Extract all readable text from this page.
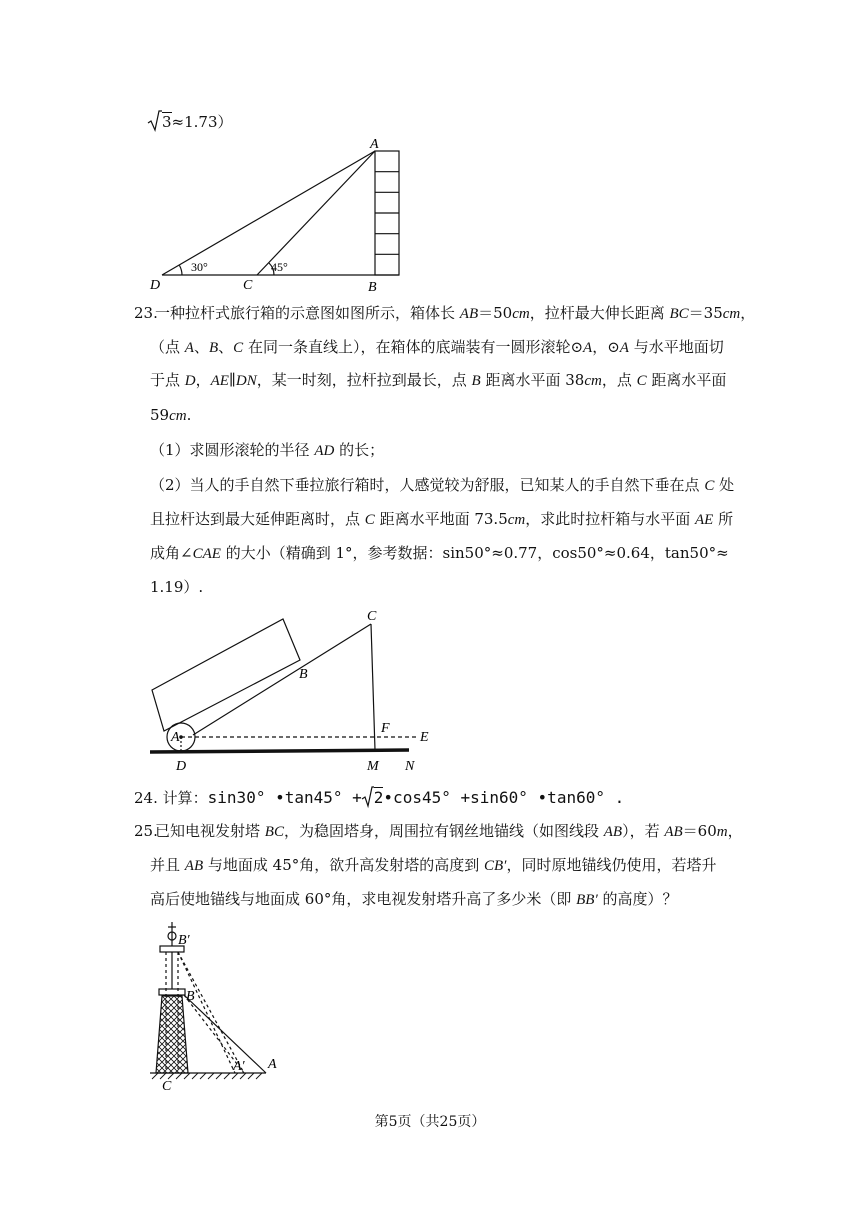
3≈1.73）
A
D	C	B
30°	45°
23.
一种拉杆式旅行箱的示意图如图所示，箱体长 AB＝50cm，拉杆最大伸长距离 BC＝35cm，
（点 A、B、C 在同一条直线上），在箱体的底端装有一圆形滚轮⊙A，⊙A 与水平地面切
于点 D，AE∥DN，某一时刻，拉杆拉到最长，点 B 距离水平面 38cm，点 C 距离水平面
59cm.
（1）求圆形滚轮的半径 AD 的长；
（2）当人的手自然下垂拉旅行箱时，人感觉较为舒服，已知某人的手自然下垂在点 C 处
且拉杆达到最大延伸距离时，点 C 距离水平地面 73.5cm，求此时拉杆箱与水平面 AE 所
成角∠CAE 的大小（精确到 1°，参考数据：sin50°≈0.77，cos50°≈0.64，tan50°≈
1.19）.
C
B
F
E
A
D	M N
24. 计算：sin30° •tan45° + 2•cos45° +sin60° •tan60° .
25.
已知电视发射塔 BC，为稳固塔身，周围拉有钢丝地锚线（如图线段 AB），若 AB＝60m，
并且 AB 与地面成 45°角，欲升高发射塔的高度到 CB′，同时原地锚线仍使用，若塔升
高后使地锚线与地面成 60°角，求电视发射塔升高了多少米（即 BB′ 的高度）？
B′
B
A′ A
C
第5页（共25页）
